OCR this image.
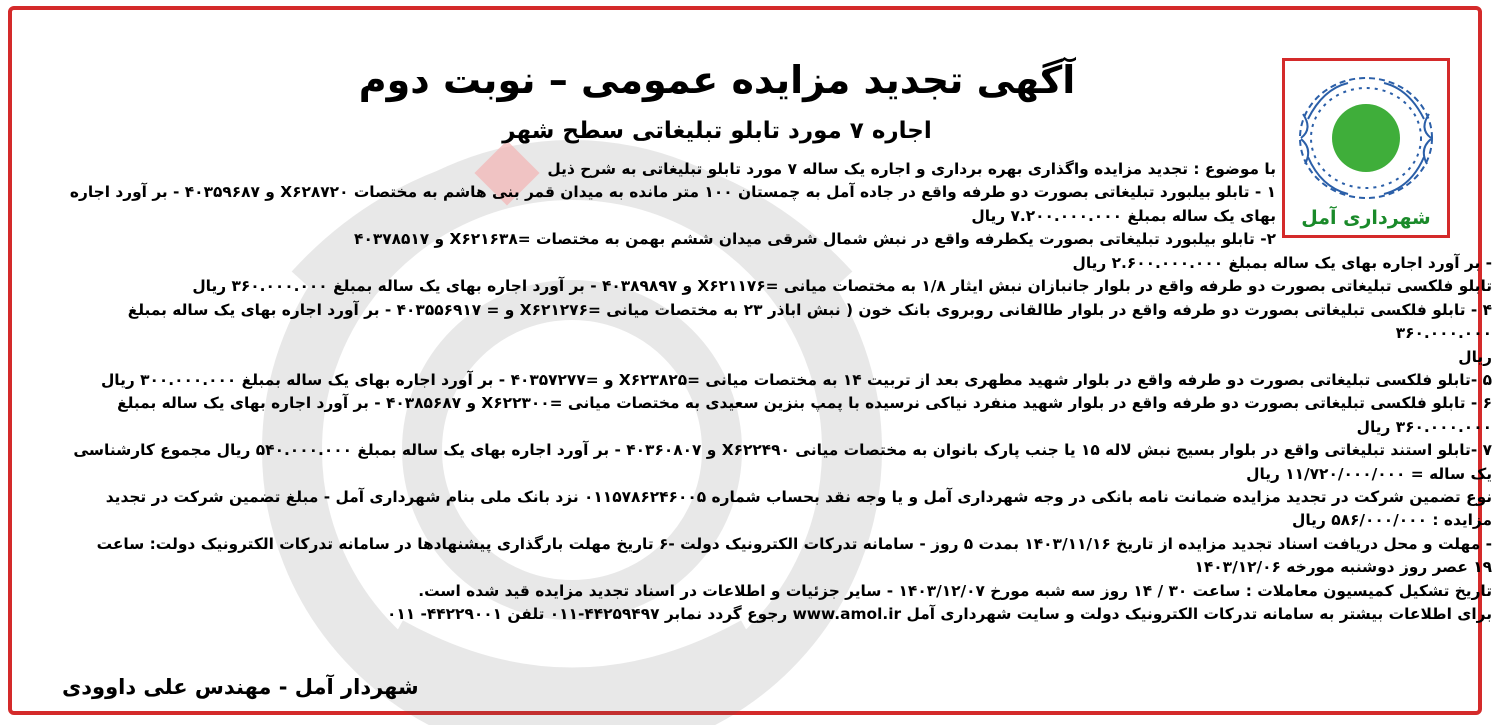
شهرداری آمل
آگهی تجدید مزایده عمومی – نوبت دوم
اجاره ۷ مورد تابلو تبلیغاتی سطح شهر

با موضوع : تجدید مزایده واگذاری بهره برداری و اجاره یک ساله ۷ مورد تابلو تبلیغاتی به شرح ذیل

۱ - تابلو بیلبورد تبلیغاتی بصورت دو طرفه واقع در جاده آمل به چمستان ۱۰۰ متر مانده به میدان قمر بنی هاشم به مختصات X۶۲۸۷۲۰ و ۴۰۳۵۹۶۸۷ - بر آورد اجاره

بهای یک ساله بمبلغ ۷.۲۰۰.۰۰۰.۰۰۰ ریال

۲- تابلو بیلبورد تبلیغاتی بصورت یکطرفه واقع در نبش شمال شرقی میدان ششم بهمن به مختصات =X۶۲۱۶۳۸ و ۴۰۳۷۸۵۱۷

- بر آورد اجاره بهای یک ساله بمبلغ ۲.۶۰۰.۰۰۰.۰۰۰ ریال

تابلو فلکسی تبلیغاتی بصورت دو طرفه واقع در بلوار جانبازان نبش ایثار ۱/۸ به مختصات میانی =X۶۲۱۱۷۶ و ۴۰۳۸۹۸۹۷ - بر آورد اجاره بهای یک ساله بمبلغ ۳۶۰.۰۰۰.۰۰۰ ریال

۴ - تابلو فلکسی تبلیغاتی بصورت دو طرفه واقع در بلوار طالقانی روبروی بانک خون ( نبش اباذر ۲۳ به مختصات میانی =X۶۲۱۲۷۶ و = ۴۰۳۵۵۶۹۱۷ - بر آورد اجاره بهای یک ساله بمبلغ ۳۶۰.۰۰۰.۰۰۰

ریال

۵ -تابلو فلکسی تبلیغاتی بصورت دو طرفه واقع در بلوار شهید مطهری بعد از تربیت ۱۴ به مختصات میانی =X۶۲۳۸۲۵ و =۴۰۳۵۷۲۷۷ - بر آورد اجاره بهای یک ساله بمبلغ ۳۰۰.۰۰۰.۰۰۰ ریال

۶ - تابلو فلکسی تبلیغاتی بصورت دو طرفه واقع در بلوار شهید منفرد نیاکی نرسیده با پمپ بنزین سعیدی به مختصات میانی =X۶۲۲۳۰۰ و ۴۰۳۸۵۶۸۷ - بر آورد اجاره بهای یک ساله بمبلغ

۳۶۰.۰۰۰.۰۰۰ ریال

۷ -تابلو استند تبلیغاتی واقع در بلوار بسیج نبش لاله ۱۵ یا جنب پارک بانوان به مختصات میانی X۶۲۲۴۹۰ و ۴۰۳۶۰۸۰۷ - بر آورد اجاره بهای یک ساله بمبلغ ۵۴۰.۰۰۰.۰۰۰ ریال مجموع کارشناسی

یک ساله = ۱۱/۷۲۰/۰۰۰/۰۰۰ ریال

نوع تضمین شرکت در تجدید مزایده ضمانت نامه بانکی در وجه شهرداری آمل و یا وجه نقد بحساب شماره ۰۱۱۵۷۸۶۲۴۶۰۰۵ نزد بانک ملی بنام شهرداری آمل - مبلغ تضمین شرکت در تجدید

مزایده : ۵۸۶/۰۰۰/۰۰۰ ریال

- مهلت و محل دریافت اسناد تجدید مزایده از تاریخ ۱۴۰۳/۱۱/۱۶ بمدت ۵ روز - سامانه تدرکات الکترونیک دولت -۶ تاریخ مهلت بارگذاری پیشنهادها در سامانه تدرکات الکترونیک دولت: ساعت

۱۹ عصر روز دوشنبه مورخه ۱۴۰۳/۱۲/۰۶

تاریخ تشکیل کمیسیون معاملات : ساعت ۳۰ / ۱۴ روز سه شبه مورخ ۱۴۰۳/۱۲/۰۷ - سایر جزئیات و اطلاعات در اسناد تجدید مزایده قید شده است.

برای اطلاعات بیشتر به سامانه تدرکات الکترونیک دولت و سایت شهرداری آمل www.amol.ir رجوع گردد نمابر ۴۴۲۵۹۴۹۷-۰۱۱ تلفن ۴۴۲۲۹۰۰۱- ۰۱۱

شهردار آمل - مهندس علی داوودی
